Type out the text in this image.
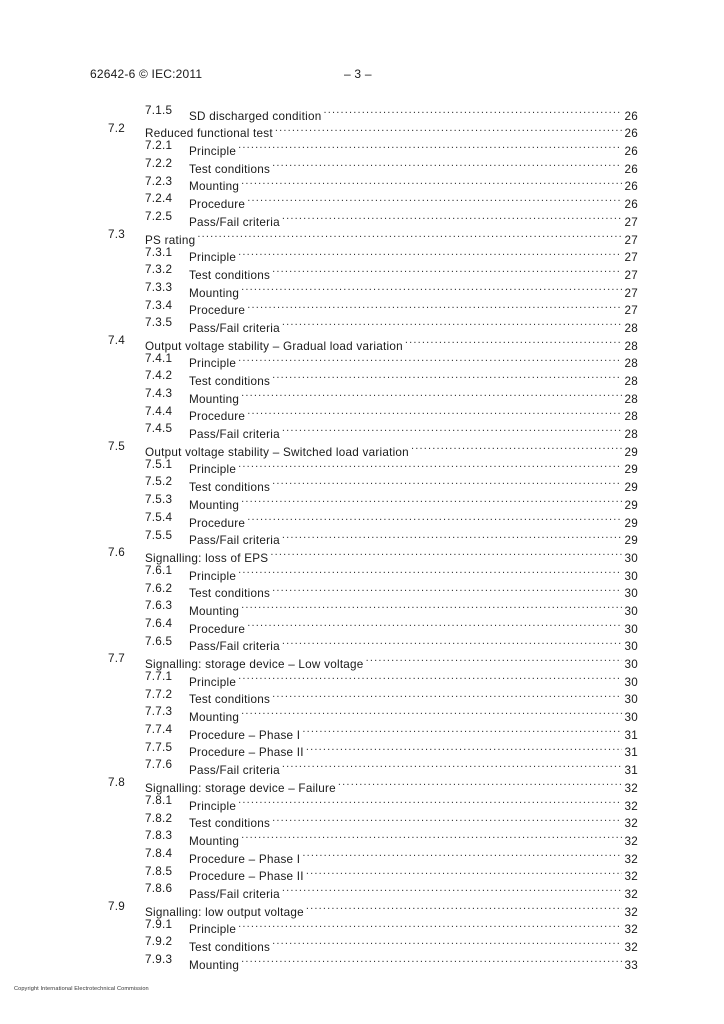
62642-6 © IEC:2011	– 3 –
7.1.5 SD discharged condition .....	26
7.2 Reduced functional test .....	26
7.2.1 Principle .....	26
7.2.2 Test conditions .....	26
7.2.3 Mounting .....	26
7.2.4 Procedure .....	26
7.2.5 Pass/Fail criteria .....	27
7.3 PS rating .....	27
7.3.1 Principle .....	27
7.3.2 Test conditions .....	27
7.3.3 Mounting .....	27
7.3.4 Procedure .....	27
7.3.5 Pass/Fail criteria .....	28
7.4 Output voltage stability – Gradual load variation .....	28
7.4.1 Principle .....	28
7.4.2 Test conditions .....	28
7.4.3 Mounting .....	28
7.4.4 Procedure .....	28
7.4.5 Pass/Fail criteria .....	28
7.5 Output voltage stability – Switched load variation .....	29
7.5.1 Principle .....	29
7.5.2 Test conditions .....	29
7.5.3 Mounting .....	29
7.5.4 Procedure .....	29
7.5.5 Pass/Fail criteria .....	29
7.6 Signalling: loss of EPS .....	30
7.6.1 Principle .....	30
7.6.2 Test conditions .....	30
7.6.3 Mounting .....	30
7.6.4 Procedure .....	30
7.6.5 Pass/Fail criteria .....	30
7.7 Signalling: storage device – Low voltage .....	30
7.7.1 Principle .....	30
7.7.2 Test conditions .....	30
7.7.3 Mounting .....	30
7.7.4 Procedure – Phase I .....	31
7.7.5 Procedure – Phase II .....	31
7.7.6 Pass/Fail criteria .....	31
7.8 Signalling: storage device – Failure .....	32
7.8.1 Principle .....	32
7.8.2 Test conditions .....	32
7.8.3 Mounting .....	32
7.8.4 Procedure – Phase I .....	32
7.8.5 Procedure – Phase II .....	32
7.8.6 Pass/Fail criteria .....	32
7.9 Signalling: low output voltage .....	32
7.9.1 Principle .....	32
7.9.2 Test conditions .....	32
7.9.3 Mounting .....	33
Copyright International Electrotechnical Commission
